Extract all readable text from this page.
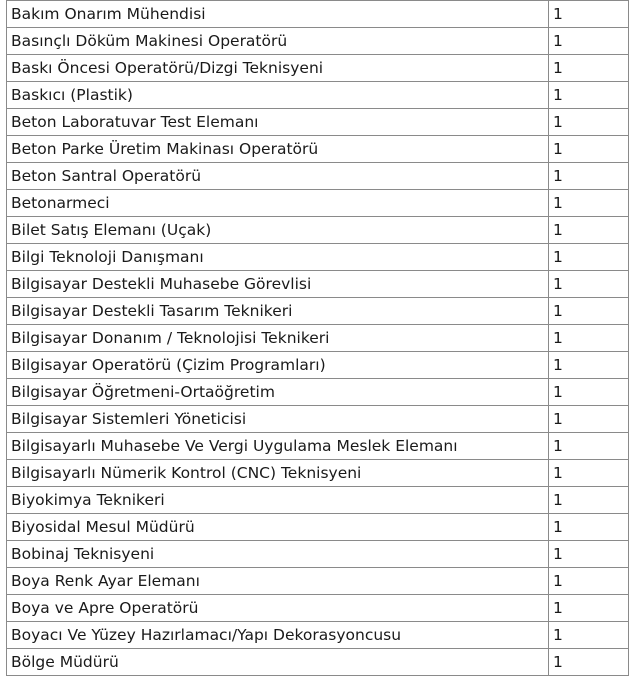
Bakım Onarım Mühendisi	1
Basınçlı Döküm Makinesi Operatörü	1
Baskı Öncesi Operatörü/Dizgi Teknisyeni	1
Baskıcı (Plastik)	1
Beton Laboratuvar Test Elemanı	1
Beton Parke Üretim Makinası Operatörü	1
Beton Santral Operatörü	1
Betonarmeci	1
Bilet Satış Elemanı (Uçak)	1
Bilgi Teknoloji Danışmanı	1
Bilgisayar Destekli Muhasebe Görevlisi	1
Bilgisayar Destekli Tasarım Teknikeri	1
Bilgisayar Donanım / Teknolojisi Teknikeri	1
Bilgisayar Operatörü (Çizim Programları)	1
Bilgisayar Öğretmeni-Ortaöğretim	1
Bilgisayar Sistemleri Yöneticisi	1
Bilgisayarlı Muhasebe Ve Vergi Uygulama Meslek Elemanı	1
Bilgisayarlı Nümerik Kontrol (CNC) Teknisyeni	1
Biyokimya Teknikeri	1
Biyosidal Mesul Müdürü	1
Bobinaj Teknisyeni	1
Boya Renk Ayar Elemanı	1
Boya ve Apre Operatörü	1
Boyacı Ve Yüzey Hazırlamacı/Yapı Dekorasyoncusu	1
Bölge Müdürü	1
